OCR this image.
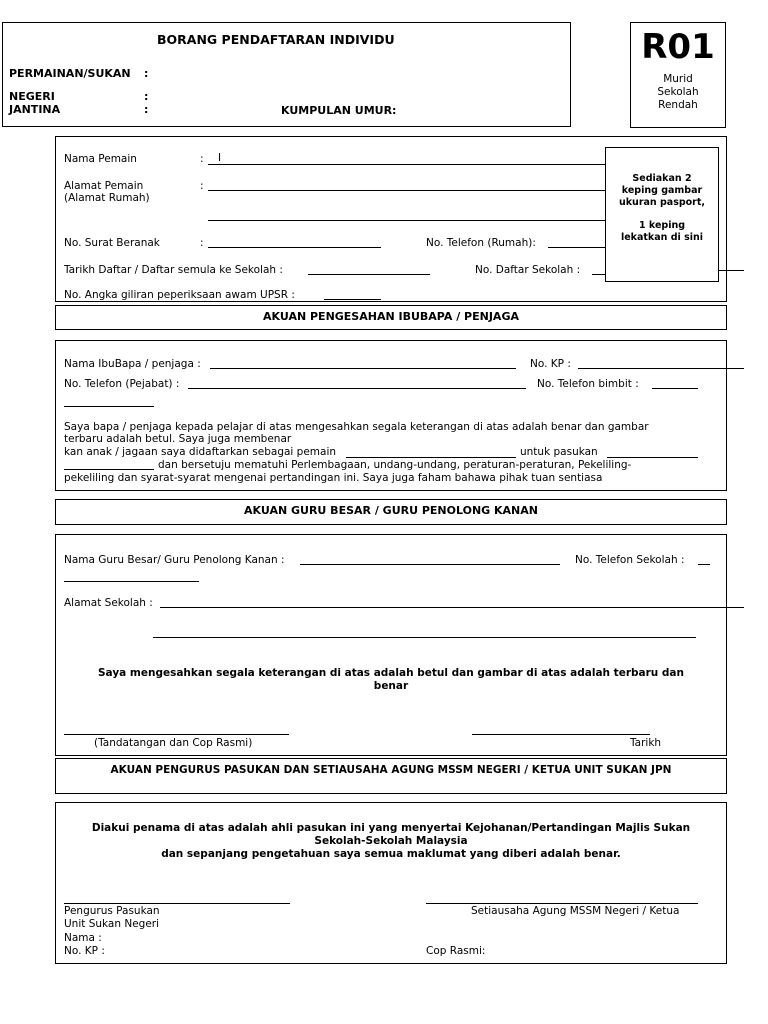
BORANG PENDAFTARAN INDIVIDU
PERMAINAN/SUKAN :
NEGERI	:
JANTINA	:	KUMPULAN UMUR:
R01
Murid
Sekolah
Rendah
Nama Pemain	: I
Alamat Pemain
(Alamat Rumah)
:
No. Surat Beranak	:	No. Telefon (Rumah):
Tarikh Daftar / Daftar semula ke Sekolah :	No. Daftar Sekolah :
No. Angka giliran peperiksaan awam UPSR :
Sediakan 2
keping gambar
ukuran pasport,
1 keping
lekatkan di sini
AKUAN PENGESAHAN IBUBAPA / PENJAGA
Nama IbuBapa / penjaga :	No. KP :
No. Telefon (Pejabat) :	No. Telefon bimbit :
Saya bapa / penjaga kepada pelajar di atas mengesahkan segala keterangan di atas adalah benar dan gambar
terbaru adalah betul. Saya juga membenar
kan anak / jagaan saya didaftarkan sebagai pemain	untuk pasukan
dan bersetuju mematuhi Perlembagaan, undang-undang, peraturan-peraturan, Pekeliling-
pekeliling dan syarat-syarat mengenai pertandingan ini. Saya juga faham bahawa pihak tuan sentiasa
AKUAN GURU BESAR / GURU PENOLONG KANAN
Nama Guru Besar/ Guru Penolong Kanan :	No. Telefon Sekolah :
Alamat Sekolah :
Saya mengesahkan segala keterangan di atas adalah betul dan gambar di atas adalah terbaru dan
benar
(Tandatangan dan Cop Rasmi)	Tarikh
AKUAN PENGURUS PASUKAN DAN SETIAUSAHA AGUNG MSSM NEGERI / KETUA UNIT SUKAN JPN
Diakui penama di atas adalah ahli pasukan ini yang menyertai Kejohanan/Pertandingan Majlis Sukan
Sekolah-Sekolah Malaysia
dan sepanjang pengetahuan saya semua maklumat yang diberi adalah benar.
Pengurus Pasukan
Unit Sukan Negeri
Nama :
No. KP :
Setiausaha Agung MSSM Negeri / Ketua
Cop Rasmi:
